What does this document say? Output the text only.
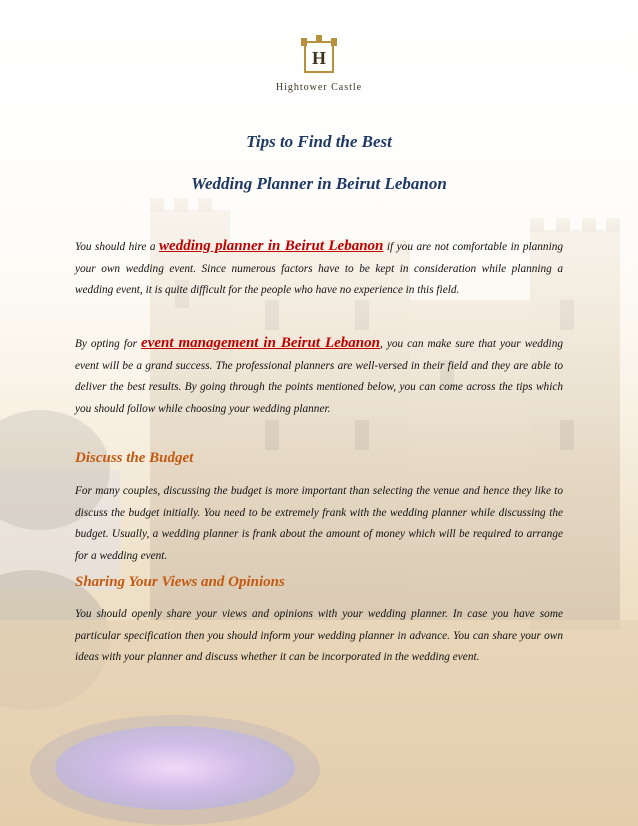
H
Hightower Castle
Tips to Find the Best
Wedding Planner in Beirut Lebanon
You should hire a wedding planner in Beirut Lebanon if you are not comfortable in planning your own wedding event. Since numerous factors have to be kept in consideration while planning a wedding event, it is quite difficult for the people who have no experience in this field.
By opting for event management in Beirut Lebanon, you can make sure that your wedding event will be a grand success. The professional planners are well-versed in their field and they are able to deliver the best results. By going through the points mentioned below, you can come across the tips which you should follow while choosing your wedding planner.
Discuss the Budget
For many couples, discussing the budget is more important than selecting the venue and hence they like to discuss the budget initially. You need to be extremely frank with the wedding planner while discussing the budget. Usually, a wedding planner is frank about the amount of money which will be required to arrange for a wedding event.
Sharing Your Views and Opinions
You should openly share your views and opinions with your wedding planner. In case you have some particular specification then you should inform your wedding planner in advance. You can share your own ideas with your planner and discuss whether it can be incorporated in the wedding event.
